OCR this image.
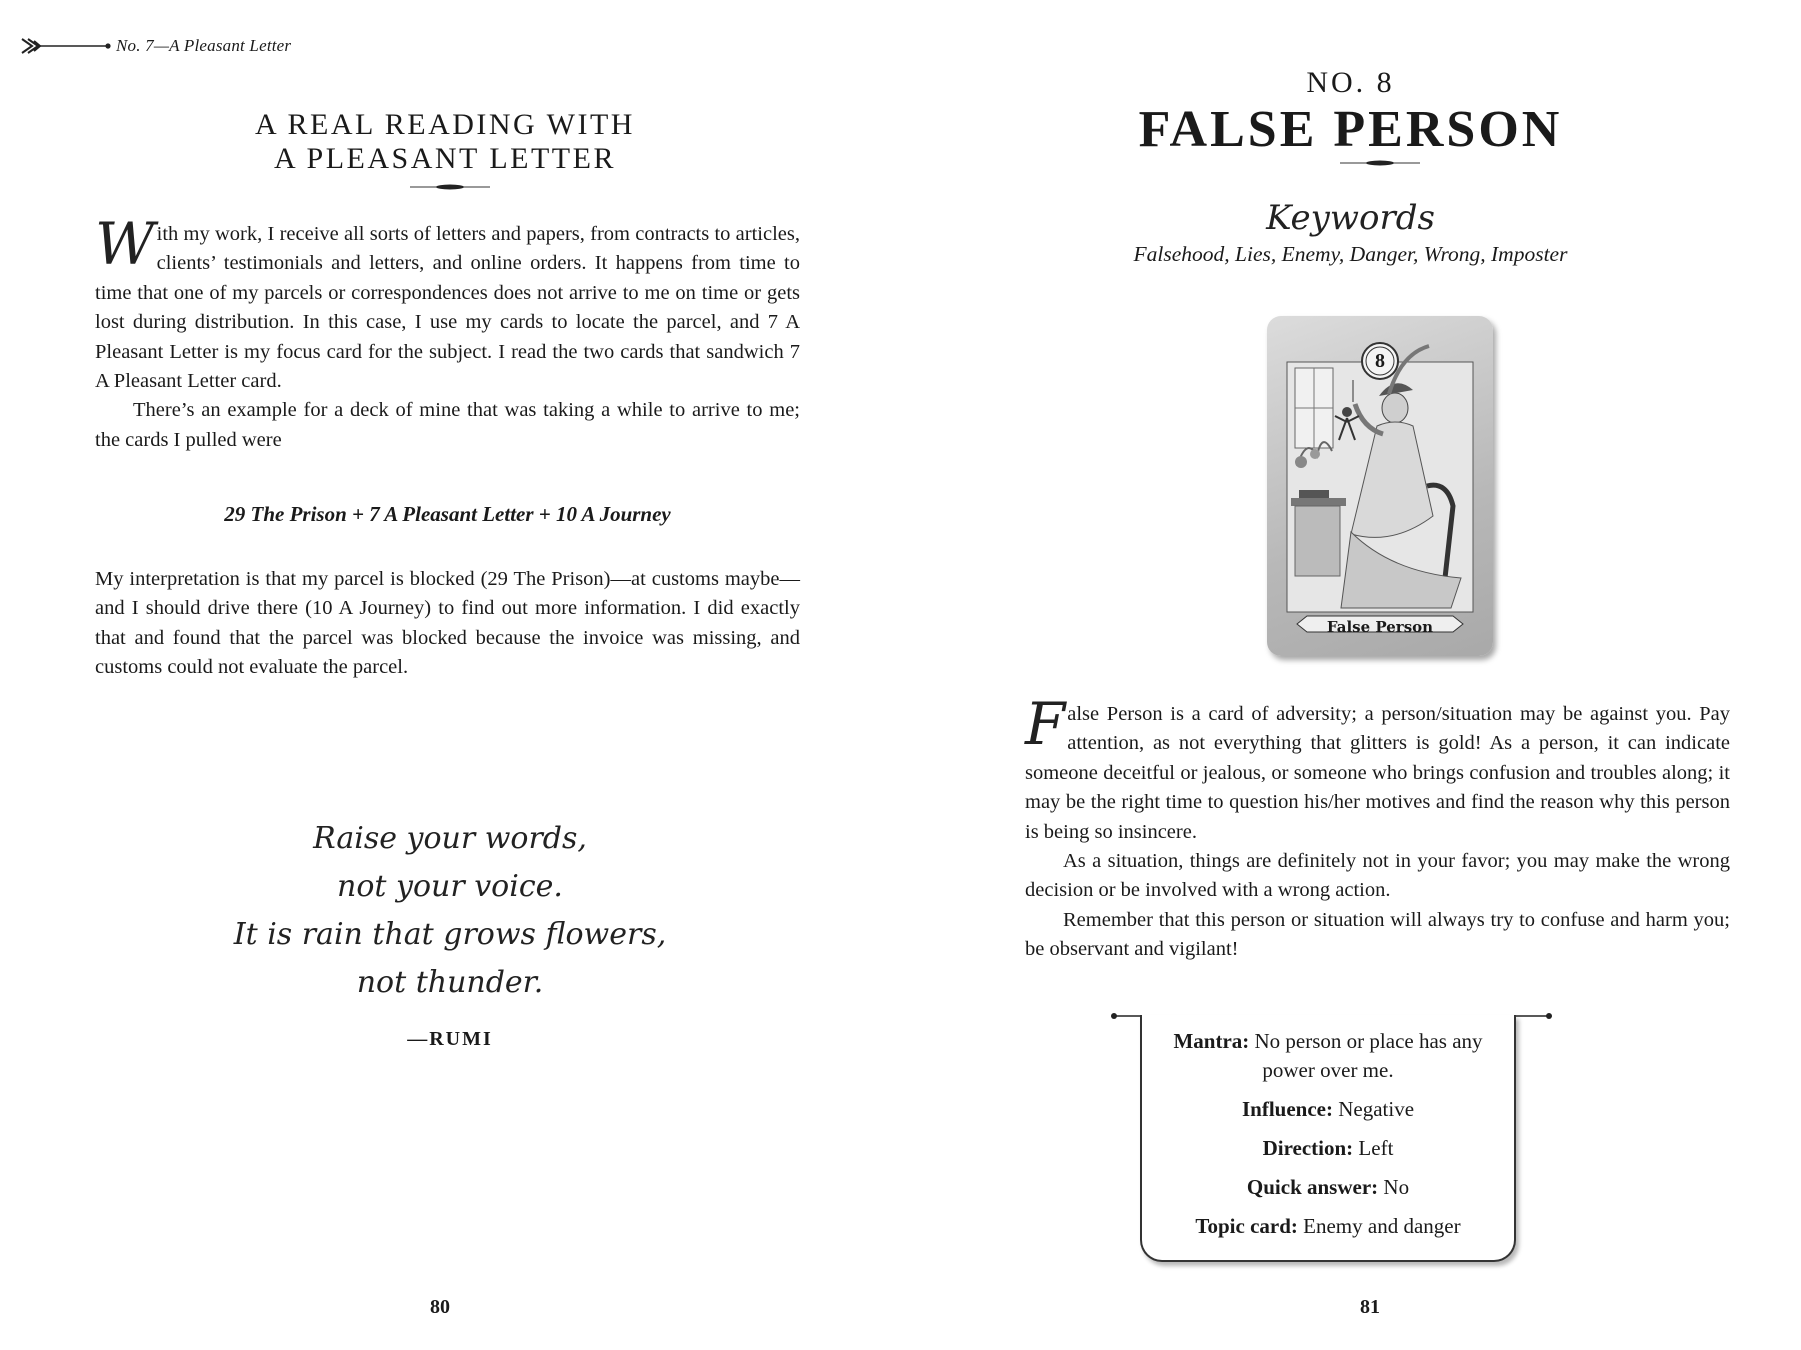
No. 7—A Pleasant Letter
A REAL READING WITH
A PLEASANT LETTER

With my work, I receive all sorts of letters and papers, from contracts to articles, clients’ testimonials and letters, and online orders. It happens from time to time that one of my parcels or correspondences does not arrive to me on time or gets lost during distribution. In this case, I use my cards to locate the parcel, and 7 A Pleasant Letter is my focus card for the subject. I read the two cards that sandwich 7 A Pleasant Letter card.

There’s an example for a deck of mine that was taking a while to arrive to me; the cards I pulled were

29 The Prison + 7 A Pleasant Letter + 10 A Journey

My interpretation is that my parcel is blocked (29 The Prison)—at customs maybe—and I should drive there (10 A Journey) to find out more information. I did exactly that and found that the parcel was blocked because the invoice was missing, and customs could not evaluate the parcel.

Raise your words,
not your voice.
It is rain that grows flowers,
not thunder.
—RUMI
80
NO. 8
FALSE PERSON
Keywords
Falsehood, Lies, Enemy, Danger, Wrong, Imposter
8
False Person

False Person is a card of adversity; a person/situation may be against you. Pay attention, as not everything that glitters is gold! As a person, it can indicate someone deceitful or jealous, or someone who brings confusion and troubles along; it may be the right time to question his/her motives and find the reason why this person is being so insincere.

As a situation, things are definitely not in your favor; you may make the wrong decision or be involved with a wrong action.

Remember that this person or situation will always try to confuse and harm you; be observant and vigilant!

Mantra: No person or place has any
power over me.
Influence: Negative
Direction: Left
Quick answer: No
Topic card: Enemy and danger
81
